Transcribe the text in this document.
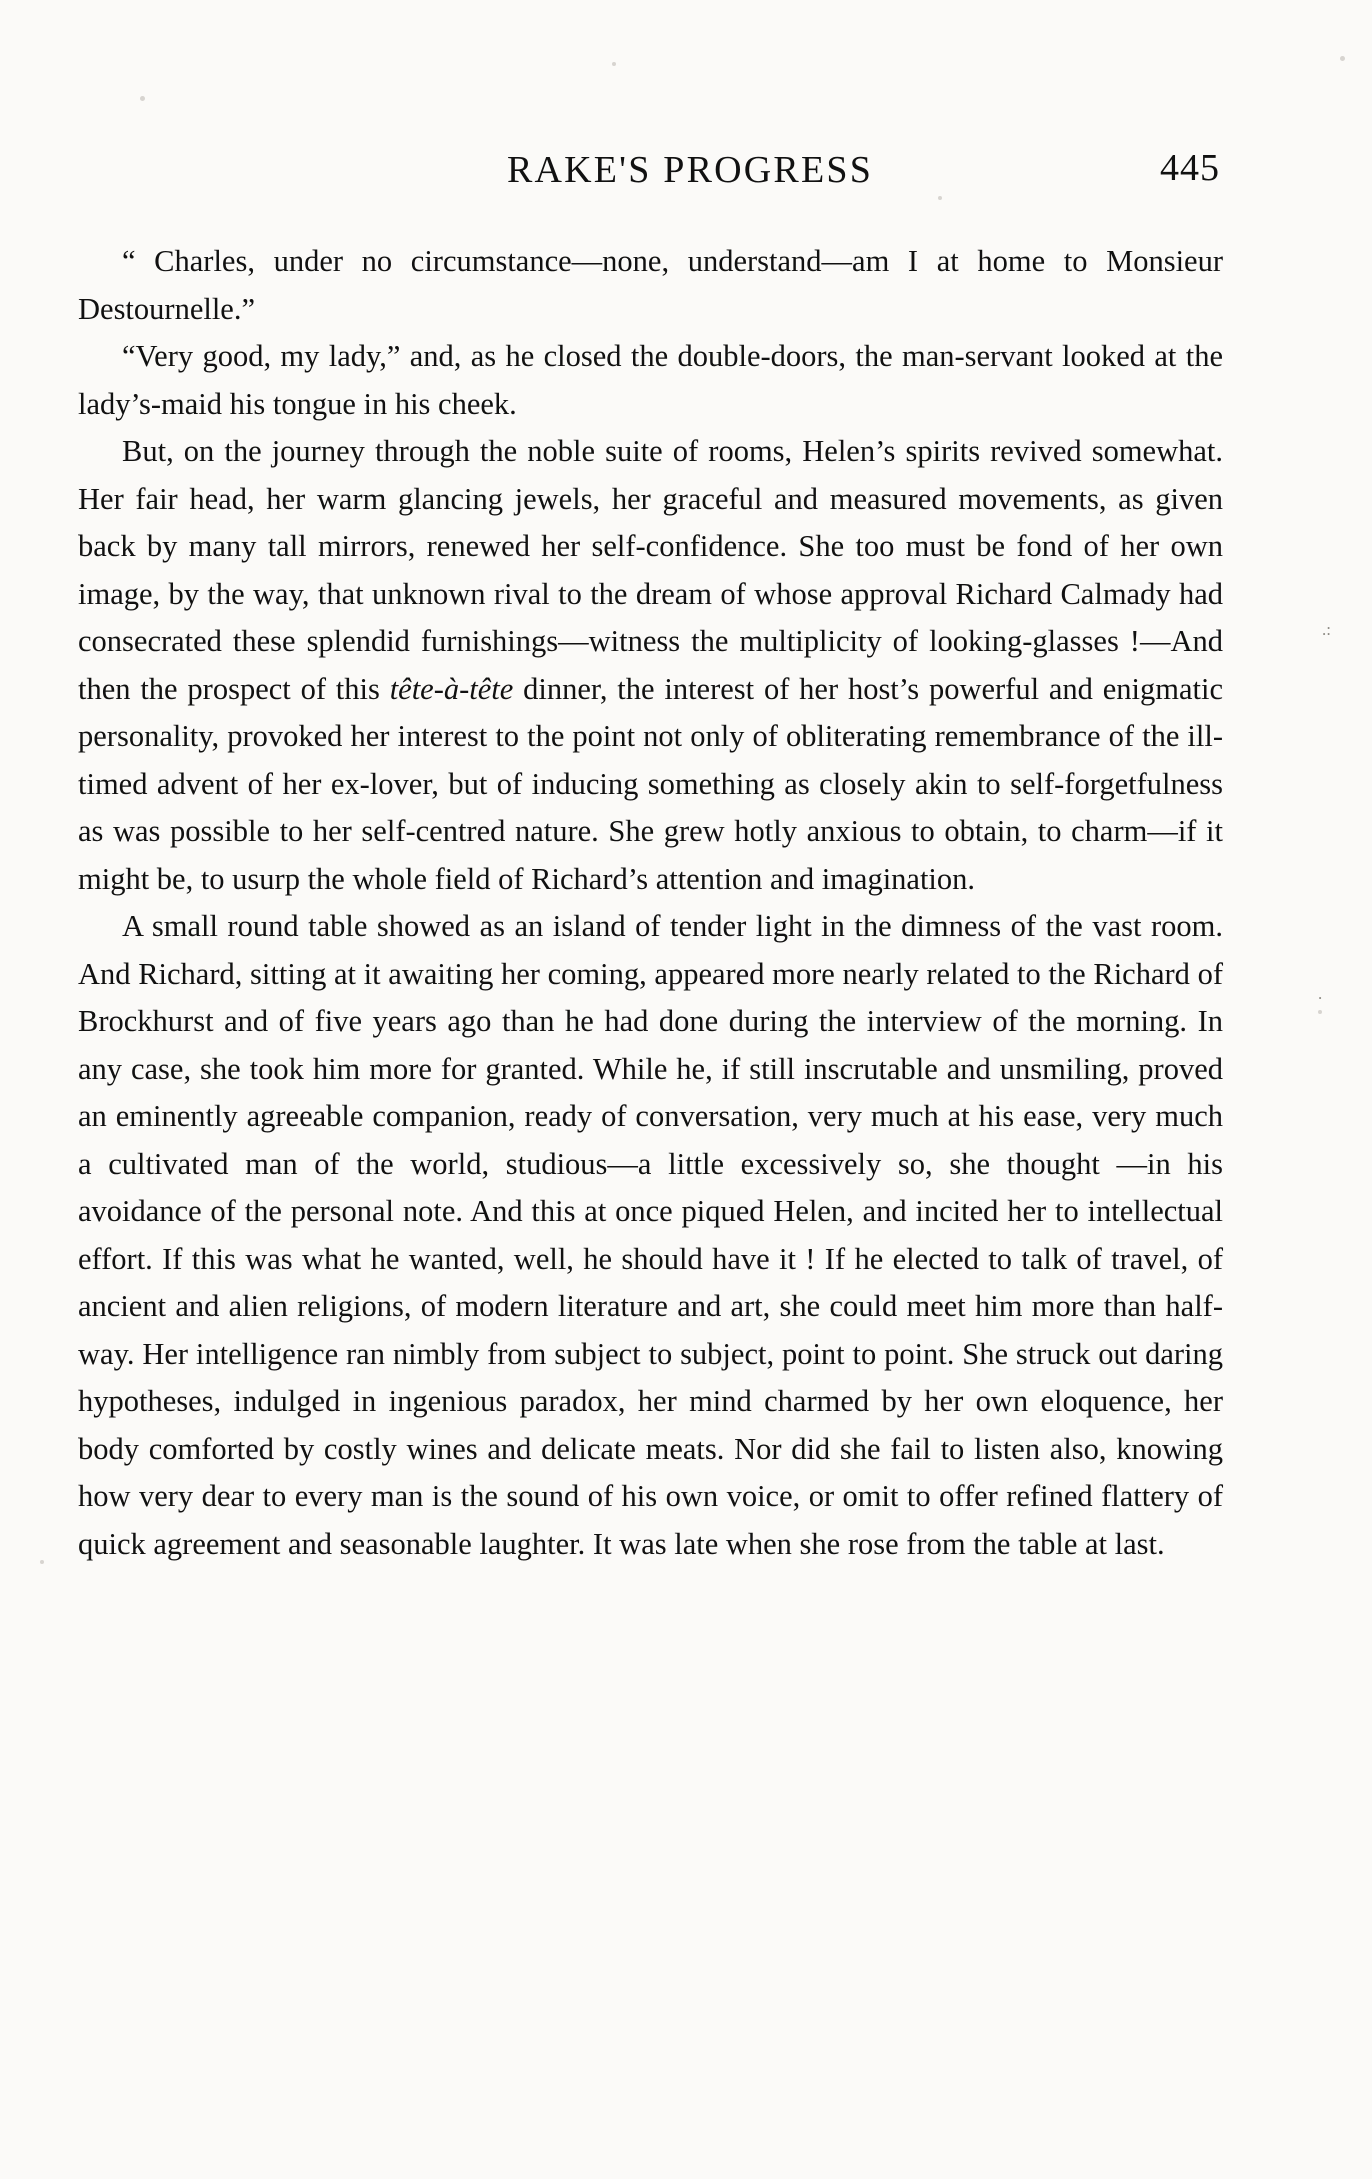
RAKE'S PROGRESS	445
.:
.

“ Charles, under no circumstance—none, understand—am I at home to Monsieur Destournelle.”

“Very good, my lady,” and, as he closed the double-doors, the man-servant looked at the lady’s-maid his tongue in his cheek.

But, on the journey through the noble suite of rooms, Helen’s spirits revived somewhat. Her fair head, her warm glancing jewels, her graceful and measured movements, as given back by many tall mirrors, renewed her self-confidence. She too must be fond of her own image, by the way, that unknown rival to the dream of whose approval Richard Calmady had consecrated these splendid furnishings—witness the multiplicity of looking-glasses !—And then the prospect of this tête-à-tête dinner, the interest of her host’s powerful and enigmatic personality, provoked her interest to the point not only of obliterating remembrance of the ill-timed advent of her ex-lover, but of inducing something as closely akin to self-forgetfulness as was possible to her self-centred nature. She grew hotly anxious to obtain, to charm—if it might be, to usurp the whole field of Richard’s attention and imagination.

A small round table showed as an island of tender light in the dimness of the vast room. And Richard, sitting at it awaiting her coming, appeared more nearly related to the Richard of Brockhurst and of five years ago than he had done during the interview of the morning. In any case, she took him more for granted. While he, if still inscrutable and unsmiling, proved an eminently agreeable companion, ready of conversation, very much at his ease, very much a cultivated man of the world, studious—a little excessively so, she thought —in his avoidance of the personal note. And this at once piqued Helen, and incited her to intellectual effort. If this was what he wanted, well, he should have it ! If he elected to talk of travel, of ancient and alien religions, of modern literature and art, she could meet him more than half-way. Her intelligence ran nimbly from subject to subject, point to point. She struck out daring hypotheses, indulged in ingenious paradox, her mind charmed by her own eloquence, her body comforted by costly wines and delicate meats. Nor did she fail to listen also, knowing how very dear to every man is the sound of his own voice, or omit to offer refined flattery of quick agreement and seasonable laughter. It was late when she rose from the table at last.
